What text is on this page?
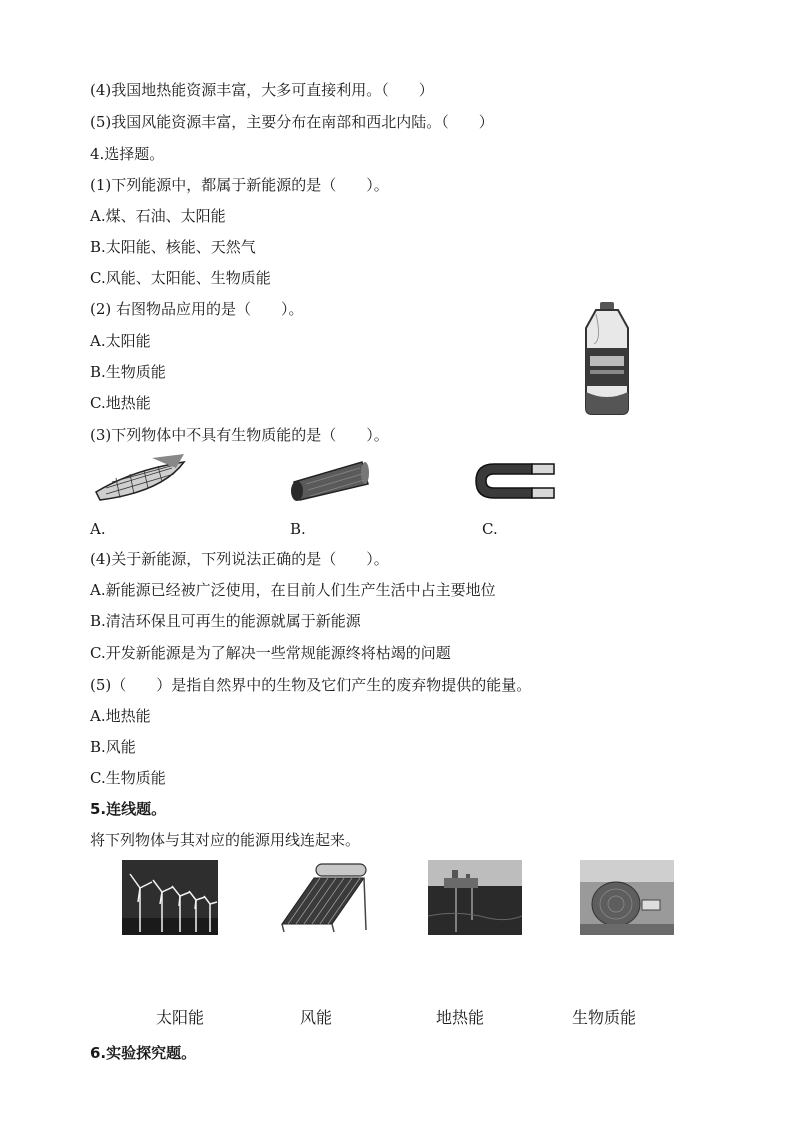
(4)我国地热能资源丰富，大多可直接利用。（　　）
(5)我国风能资源丰富，主要分布在南部和西北内陆。（　　）
4.选择题。
(1)下列能源中，都属于新能源的是（　　）。
A.煤、石油、太阳能
B.太阳能、核能、天然气
C.风能、太阳能、生物质能
(2) 右图物品应用的是（　　）。
A.太阳能
B.生物质能
C.地热能
(3)下列物体中不具有生物质能的是（　　）。
A.	B.	C.
(4)关于新能源，下列说法正确的是（　　）。
A.新能源已经被广泛使用，在目前人们生产生活中占主要地位
B.清洁环保且可再生的能源就属于新能源
C.开发新能源是为了解决一些常规能源终将枯竭的问题
(5)（　　）是指自然界中的生物及它们产生的废弃物提供的能量。
A.地热能
B.风能
C.生物质能
5.连线题。
将下列物体与其对应的能源用线连起来。
太阳能	风能	地热能	生物质能
6.实验探究题。
